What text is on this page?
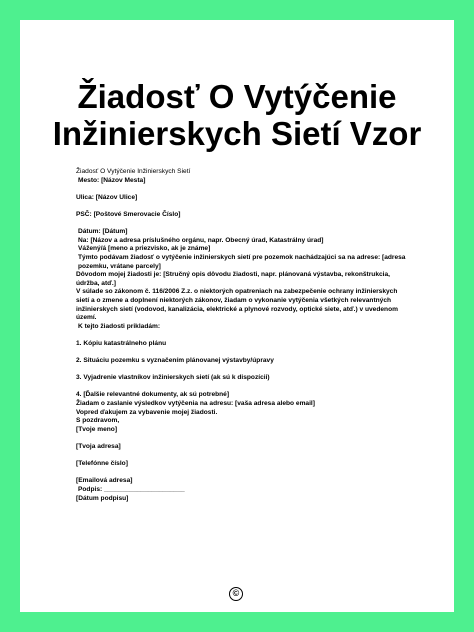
Žiadosť O Vytýčenie
Inžinierskych Sietí Vzor

Žiadosť O Vytýčenie Inžinierskych Sietí

Mesto: [Názov Mesta]

Ulica: [Názov Ulice]

PSČ: [Poštové Smerovacie Číslo]

Dátum: [Dátum]

Na: [Názov a adresa príslušného orgánu, napr. Obecný úrad, Katastrálny úrad]

Vážený/á [meno a priezvisko, ak je známe]

Týmto podávam žiadosť o vytýčenie inžinierskych sietí pre pozemok nachádzajúci sa na adrese: [adresa pozemku, vrátane parcely]

Dôvodom mojej žiadosti je: [Stručný opis dôvodu žiadosti, napr. plánovaná výstavba, rekonštrukcia, údržba, atď.]

V súlade so zákonom č. 116/2006 Z.z. o niektorých opatreniach na zabezpečenie ochrany inžinierskych sietí a o zmene a doplnení niektorých zákonov, žiadam o vykonanie vytýčenia všetkých relevantných inžinierskych sietí (vodovod, kanalizácia, elektrické a plynové rozvody, optické siete, atď.) v uvedenom území.

K tejto žiadosti prikladám:

1. Kópiu katastrálneho plánu

2. Situáciu pozemku s vyznačením plánovanej výstavby/úpravy

3. Vyjadrenie vlastníkov inžinierskych sietí (ak sú k dispozícii)

4. [Ďalšie relevantné dokumenty, ak sú potrebné]

Žiadam o zaslanie výsledkov vytýčenia na adresu: [vaša adresa alebo email]

Vopred ďakujem za vybavenie mojej žiadosti.

S pozdravom,

[Tvoje meno]

[Tvoja adresa]

[Telefónne číslo]

[Emailová adresa]

Podpis: ______________________

[Dátum podpisu]

©
